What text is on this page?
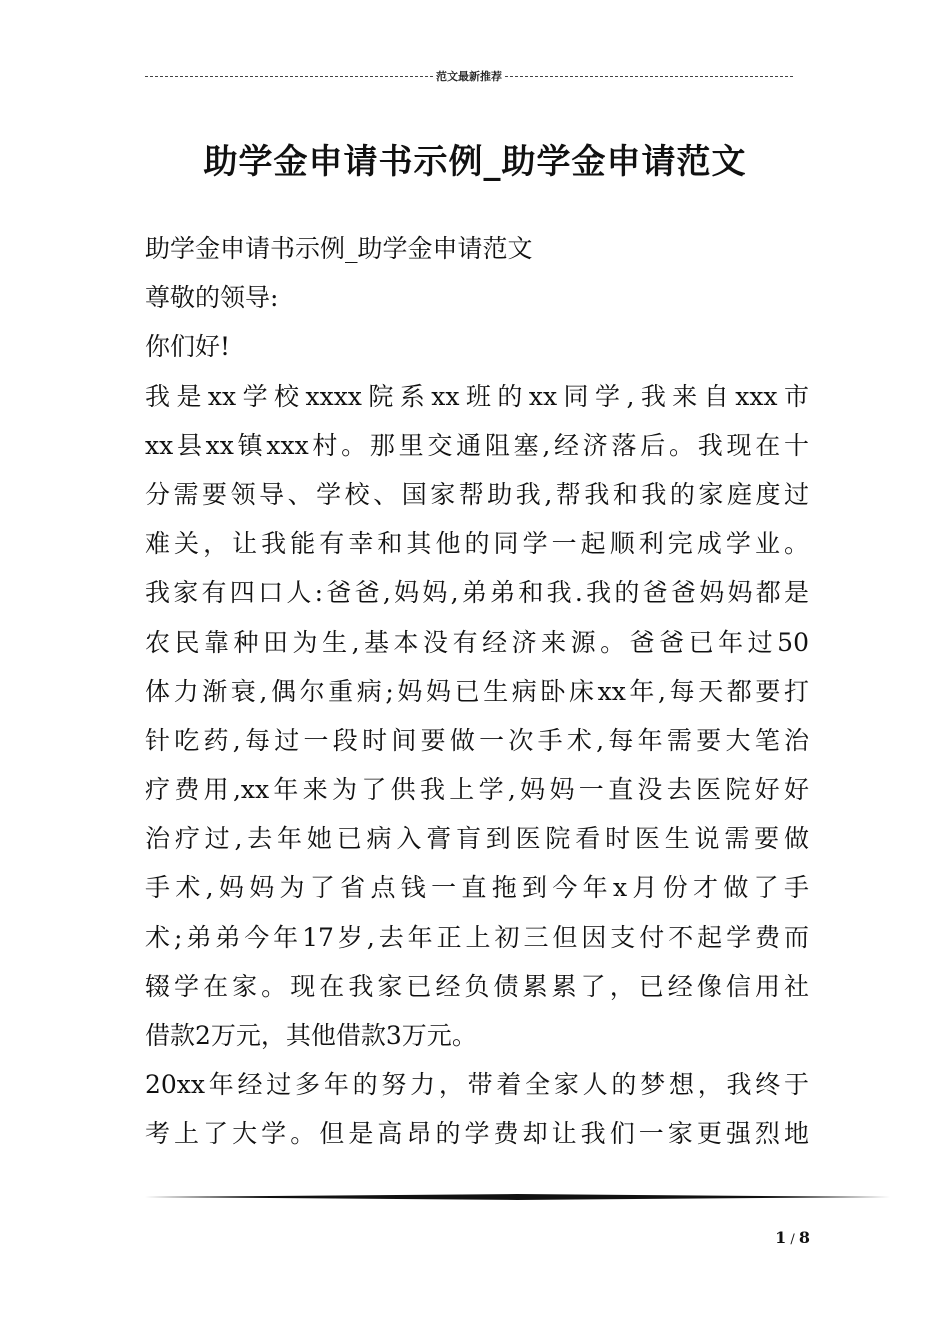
范文最新推荐
助学金申请书示例_助学金申请范文
助学金申请书示例_助学金申请范文
尊敬的领导:
你们好!
我是xx学校xxxx院系xx班的xx同学,我来自xxx市
xx县xx镇xxx村。那里交通阻塞,经济落后。我现在十
分需要领导、学校、国家帮助我,帮我和我的家庭度过
难关，让我能有幸和其他的同学一起顺利完成学业。
我家有四口人:爸爸,妈妈,弟弟和我.我的爸爸妈妈都是
农民靠种田为生,基本没有经济来源。爸爸已年过50
体力渐衰,偶尔重病;妈妈已生病卧床xx年,每天都要打
针吃药,每过一段时间要做一次手术,每年需要大笔治
疗费用,xx年来为了供我上学,妈妈一直没去医院好好
治疗过,去年她已病入膏肓到医院看时医生说需要做
手术,妈妈为了省点钱一直拖到今年x月份才做了手
术;弟弟今年17岁,去年正上初三但因支付不起学费而
辍学在家。现在我家已经负债累累了，已经像信用社
借款2万元，其他借款3万元。
20xx年经过多年的努力，带着全家人的梦想，我终于
考上了大学。但是高昂的学费却让我们一家更强烈地
1 / 8
